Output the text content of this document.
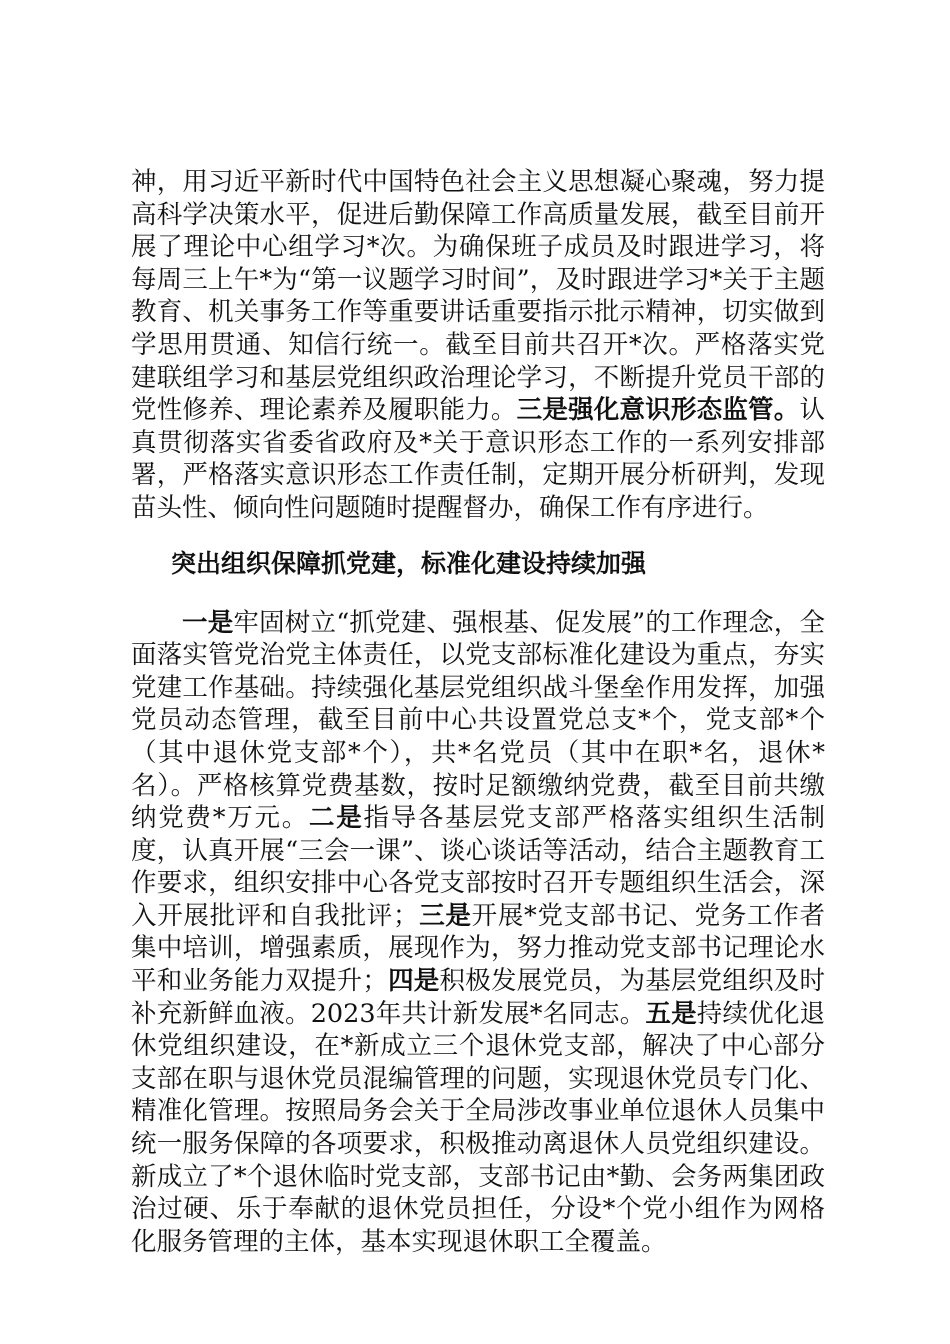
神，用习近平新时代中国特色社会主义思想凝心聚魂，努力提高科学决策水平，促进后勤保障工作高质量发展，截至目前开展了理论中心组学习*次。为确保班子成员及时跟进学习，将每周三上午*为“第一议题学习时间”，及时跟进学习*关于主题教育、机关事务工作等重要讲话重要指示批示精神，切实做到学思用贯通、知信行统一。截至目前共召开*次。严格落实党建联组学习和基层党组织政治理论学习，不断提升党员干部的党性修养、理论素养及履职能力。三是强化意识形态监管。认真贯彻落实省委省政府及*关于意识形态工作的一系列安排部署，严格落实意识形态工作责任制，定期开展分析研判，发现苗头性、倾向性问题随时提醒督办，确保工作有序进行。

突出组织保障抓党建，标准化建设持续加强

一是牢固树立“抓党建、强根基、促发展”的工作理念，全面落实管党治党主体责任，以党支部标准化建设为重点，夯实党建工作基础。持续强化基层党组织战斗堡垒作用发挥，加强党员动态管理，截至目前中心共设置党总支*个，党支部*个（其中退休党支部*个），共*名党员（其中在职*名，退休*名）。严格核算党费基数，按时足额缴纳党费，截至目前共缴纳党费*万元。二是指导各基层党支部严格落实组织生活制度，认真开展“三会一课”、谈心谈话等活动，结合主题教育工作要求，组织安排中心各党支部按时召开专题组织生活会，深入开展批评和自我批评；三是开展*党支部书记、党务工作者集中培训，增强素质，展现作为，努力推动党支部书记理论水平和业务能力双提升；四是积极发展党员，为基层党组织及时补充新鲜血液。2023年共计新发展*名同志。五是持续优化退休党组织建设，在*新成立三个退休党支部，解决了中心部分支部在职与退休党员混编管理的问题，实现退休党员专门化、精准化管理。按照局务会关于全局涉改事业单位退休人员集中统一服务保障的各项要求，积极推动离退休人员党组织建设。新成立了*个退休临时党支部，支部书记由*勤、会务两集团政治过硬、乐于奉献的退休党员担任，分设*个党小组作为网格化服务管理的主体，基本实现退休职工全覆盖。
